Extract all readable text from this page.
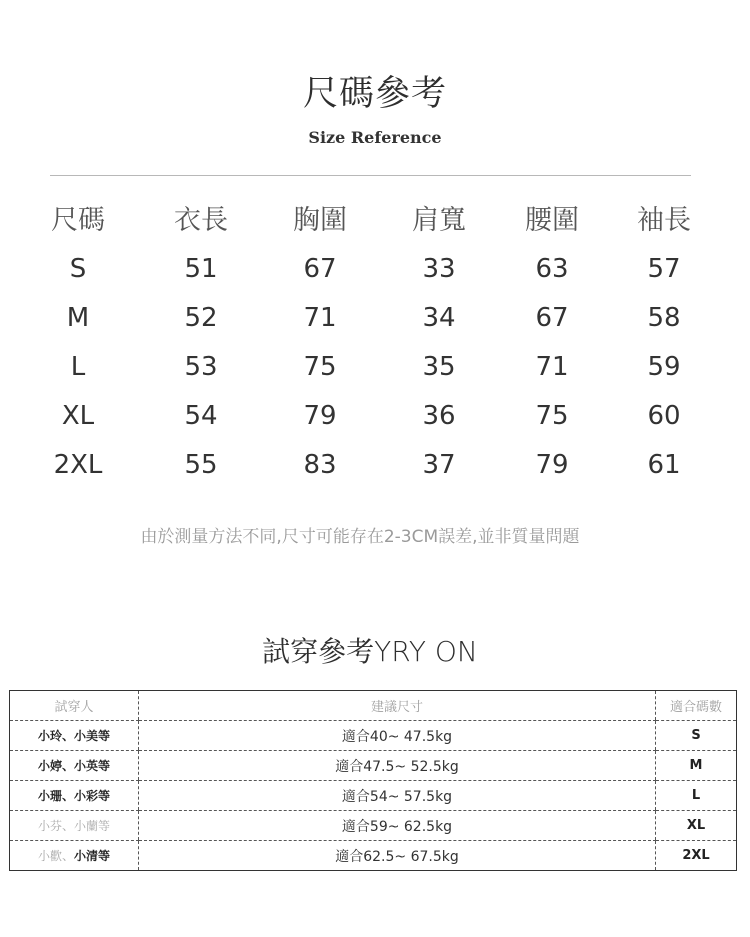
尺碼參考
Size Reference
尺碼	衣長	胸圍	肩寬	腰圍	袖長
S	51	67	33	63	57
M	52	71	34	67	58
L	53	75	35	71	59
XL	54	79	36	75	60
2XL	55	83	37	79	61
由於測量方法不同,尺寸可能存在2-3CM誤差,並非質量問題
試穿參考YRY ON
試穿人	建議尺寸	適合碼數
小玲、小美等	適合40~ 47.5kg	S
小婷、小英等	適合47.5~ 52.5kg	M
小珊、小彩等	適合54~ 57.5kg	L
小芬、小蘭等	適合59~ 62.5kg	XL
小歡、小清等	適合62.5~ 67.5kg	2XL
